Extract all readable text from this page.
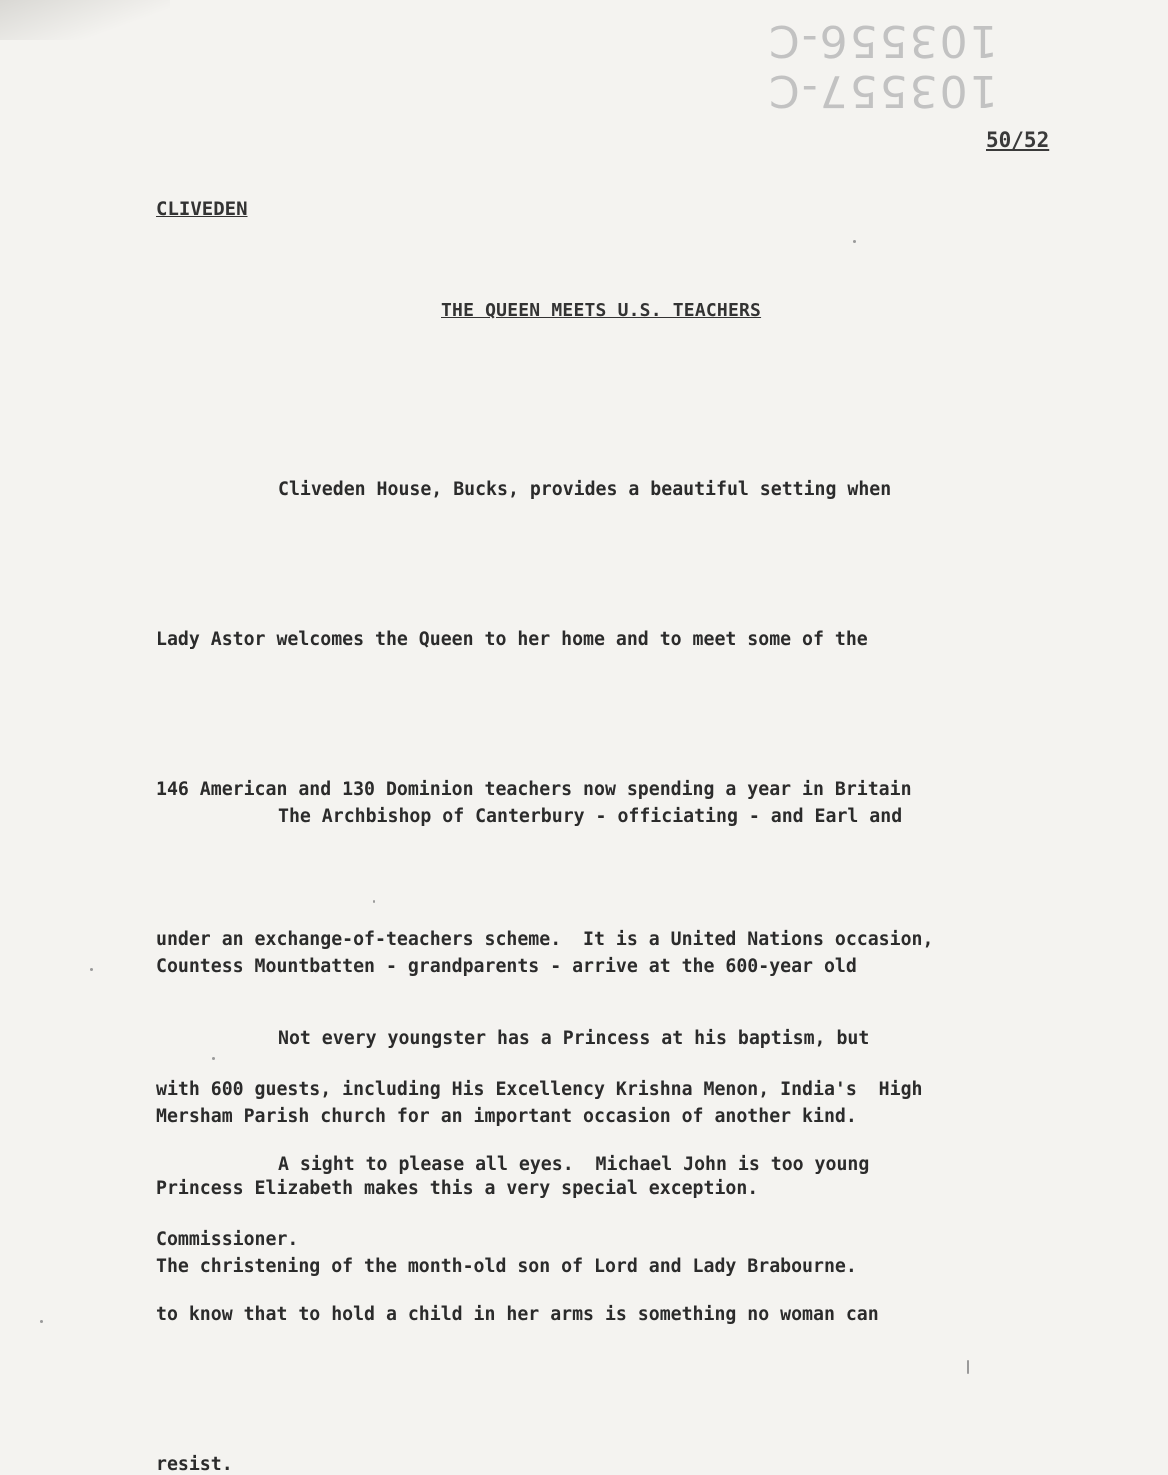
103556-C
103557-C
50/52
CLIVEDEN
THE QUEEN MEETS U.S. TEACHERS

Cliveden House, Bucks, provides a beautiful setting when

Lady Astor welcomes the Queen to her home and to meet some of the

146 American and 130 Dominion teachers now spending a year in Britain

under an exchange-of-teachers scheme.  It is a United Nations occasion,

with 600 guests, including His Excellency Krishna Menon, India's  High

Commissioner.

The Archbishop of Canterbury - officiating - and Earl and

Countess Mountbatten - grandparents - arrive at the 600-year old

Mersham Parish church for an important occasion of another kind.

The christening of the month-old son of Lord and Lady Brabourne.

Not every youngster has a Princess at his baptism, but

Princess Elizabeth makes this a very special exception.

A sight to please all eyes.  Michael John is too young

to know that to hold a child in her arms is something no woman can

resist.
